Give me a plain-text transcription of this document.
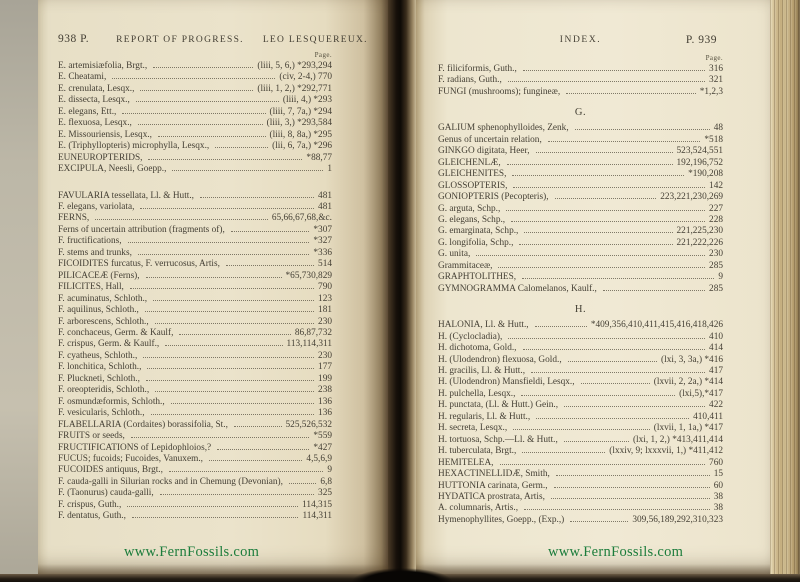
938 P.	REPORT OF PROGRESS. LEO LESQUEREUX.
Page.
E. artemisiæfolia, Brgt.,	(liii, 5, 6,) *293,294
E. Cheatami,	(civ, 2-4,) 770
E. crenulata, Lesqx.,	(liii, 1, 2,) *292,771
E. dissecta, Lesqx.,	(liii, 4,) *293
E. elegans, Ett.,	(liii, 7, 7a,) *294
E. flexuosa, Lesqx.,	(liii, 3,) *293,584
E. Missouriensis, Lesqx.,	(liii, 8, 8a,) *295
E. (Triphyllopteris) microphylla, Lesqx.,	(lii, 6, 7a,) *296
EUNEUROPTERIDS,	*88,77
EXCIPULA, Neesli, Goepp.,	1
FAVULARIA tessellata, Ll. & Hutt.,	481
F. elegans, variolata,	481
FERNS,	65,66,67,68,&c.
Ferns of uncertain attribution (fragments of),	*307
F. fructifications,	*327
F. stems and trunks,	*336
FICOIDITES furcatus, F. verrucosus, Artis,	514
PILICACEÆ (Ferns),	*65,730,829
FILICITES, Hall,	790
F. acuminatus, Schloth.,	123
F. aquilinus, Schloth.,	181
F. arborescens, Schloth.,	230
F. conchaceus, Germ. & Kaulf,	86,87,732
F. crispus, Germ. & Kaulf.,	113,114,311
F. cyatheus, Schloth.,	230
F. lonchitica, Schloth.,	177
F. Pluckneti, Schloth.,	199
F. oreopteridis, Schloth.,	238
F. osmundæformis, Schloth.,	136
F. vesicularis, Schloth.,	136
FLABELLARIA (Cordaites) borassifolia, St.,	525,526,532
FRUITS or seeds,	*559
FRUCTIFICATIONS of Lepidophloios,?	*427
FUCUS; fucoids; Fucoides, Vanuxem.,	4,5,6,9
FUCOIDES antiquus, Brgt.,	9
F. cauda-galli in Silurian rocks and in Chemung (Devonian),	6,8
F. (Taonurus) cauda-galli,	325
F. crispus, Guth.,	114,315
F. dentatus, Guth.,	114,311
www.FernFossils.com
INDEX.	P. 939
Page.
F. filiciformis, Guth.,	316
F. radians, Guth.,	321
FUNGI (mushrooms); fungineæ,	*1,2,3
G.
GALIUM sphenophylloides, Zenk,	48
Genus of uncertain relation,	*518
GINKGO digitata, Heer,	523,524,551
GLEICHENLÆ,	192,196,752
GLEICHENITES,	*190,208
GLOSSOPTERIS,	142
GONIOPTERIS (Pecopteris),	223,221,230,269
G. arguta, Schp.,	227
G. elegans, Schp.,	228
G. emarginata, Schp.,	221,225,230
G. longifolia, Schp.,	221,222,226
G. unita,	230
Grammitaceæ,	285
GRAPHTOLITHES,	9
GYMNOGRAMMA Calomelanos, Kaulf.,	285
H.
HALONIA, Ll. & Hutt.,	*409,356,410,411,415,416,418,426
H. (Cyclocladia),	410
H. dichotoma, Gold.,	414
H. (Ulodendron) flexuosa, Gold.,	(lxi, 3, 3a,) *416
H. gracilis, Ll. & Hutt.,	417
H. (Ulodendron) Mansfieldi, Lesqx.,	(lxvii, 2, 2a,) *414
H. pulchella, Lesqx.,	(lxi,5),*417
H. punctata, (Ll. & Hutt.) Gein.,	422
H. regularis, Ll. & Hutt.,	410,411
H. secreta, Lesqx.,	(lxvii, 1, 1a,) *417
H. tortuosa, Schp.—Ll. & Hutt.,	(lxi, 1, 2,) *413,411,414
H. tuberculata, Brgt.,	(lxxiv, 9; lxxxvii, 1,) *411,412
HEMITELEA,	760
HEXACTINELLIDÆ, Smith,	15
HUTTONIA carinata, Germ.,	60
HYDATICA prostrata, Artis,	38
A. columnaris, Artis.,	38
Hymenophyllites, Goepp., (Exp.,)	309,56,189,292,310,323
www.FernFossils.com
